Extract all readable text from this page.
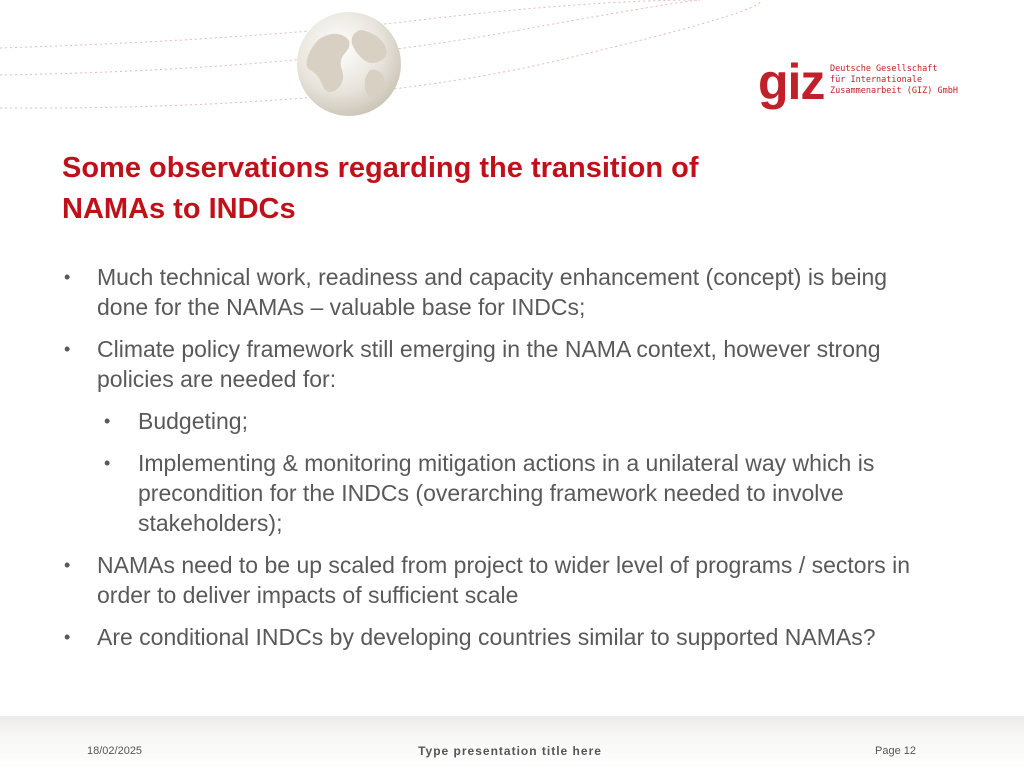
giz Deutsche Gesellschaft
für Internationale
Zusammenarbeit (GIZ) GmbH
Some observations regarding the transition of
NAMAs to INDCs
• Much technical work, readiness and capacity enhancement (concept) is being done for the NAMAs – valuable base for INDCs;
• Climate policy framework still emerging in the NAMA context, however strong policies are needed for:
• Budgeting;
• Implementing & monitoring mitigation actions in a unilateral way which is precondition for the INDCs (overarching framework needed to involve stakeholders);
• NAMAs need to be up scaled from project to wider level of programs / sectors in order to deliver impacts of sufficient scale
• Are conditional INDCs by developing countries similar to supported NAMAs?
18/02/2025	Type presentation title here	Page 12
